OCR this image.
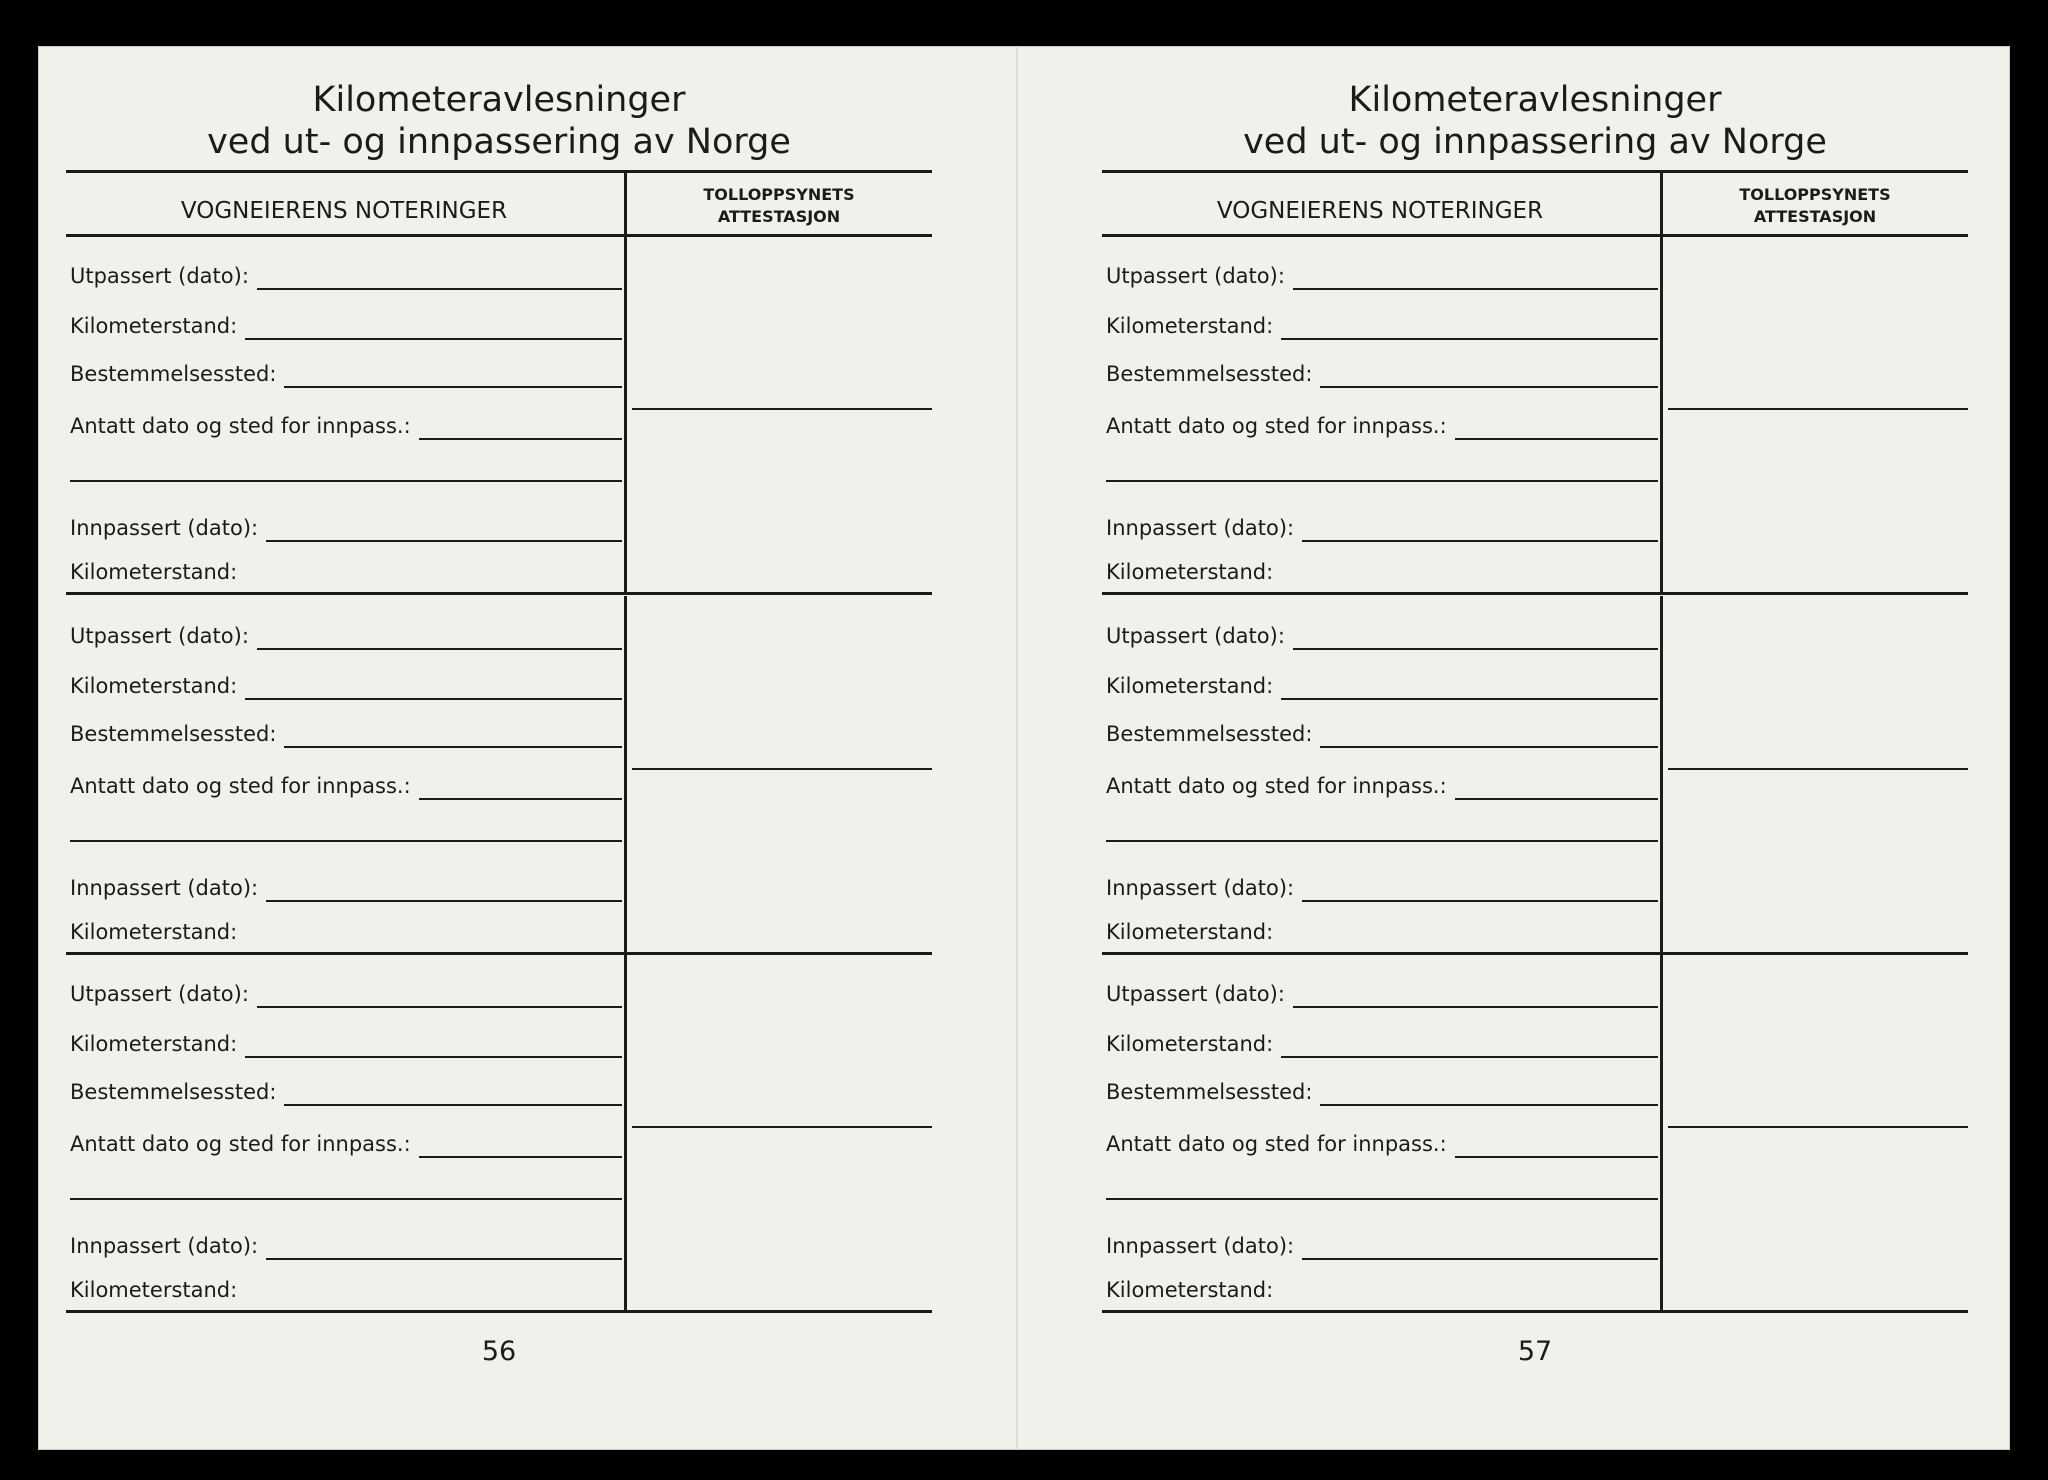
Kilometeravlesninger
ved ut- og innpassering av Norge
VOGNEIERENS NOTERINGER
TOLLOPPSYNETS
ATTESTASJON
Utpassert (dato):
Kilometerstand:
Bestemmelsessted:
Antatt dato og sted for innpass.:
Innpassert (dato):
Kilometerstand:
Utpassert (dato):
Kilometerstand:
Bestemmelsessted:
Antatt dato og sted for innpass.:
Innpassert (dato):
Kilometerstand:
Utpassert (dato):
Kilometerstand:
Bestemmelsessted:
Antatt dato og sted for innpass.:
Innpassert (dato):
Kilometerstand:
56
Kilometeravlesninger
ved ut- og innpassering av Norge
VOGNEIERENS NOTERINGER
TOLLOPPSYNETS
ATTESTASJON
Utpassert (dato):
Kilometerstand:
Bestemmelsessted:
Antatt dato og sted for innpass.:
Innpassert (dato):
Kilometerstand:
Utpassert (dato):
Kilometerstand:
Bestemmelsessted:
Antatt dato og sted for innpass.:
Innpassert (dato):
Kilometerstand:
Utpassert (dato):
Kilometerstand:
Bestemmelsessted:
Antatt dato og sted for innpass.:
Innpassert (dato):
Kilometerstand:
57
